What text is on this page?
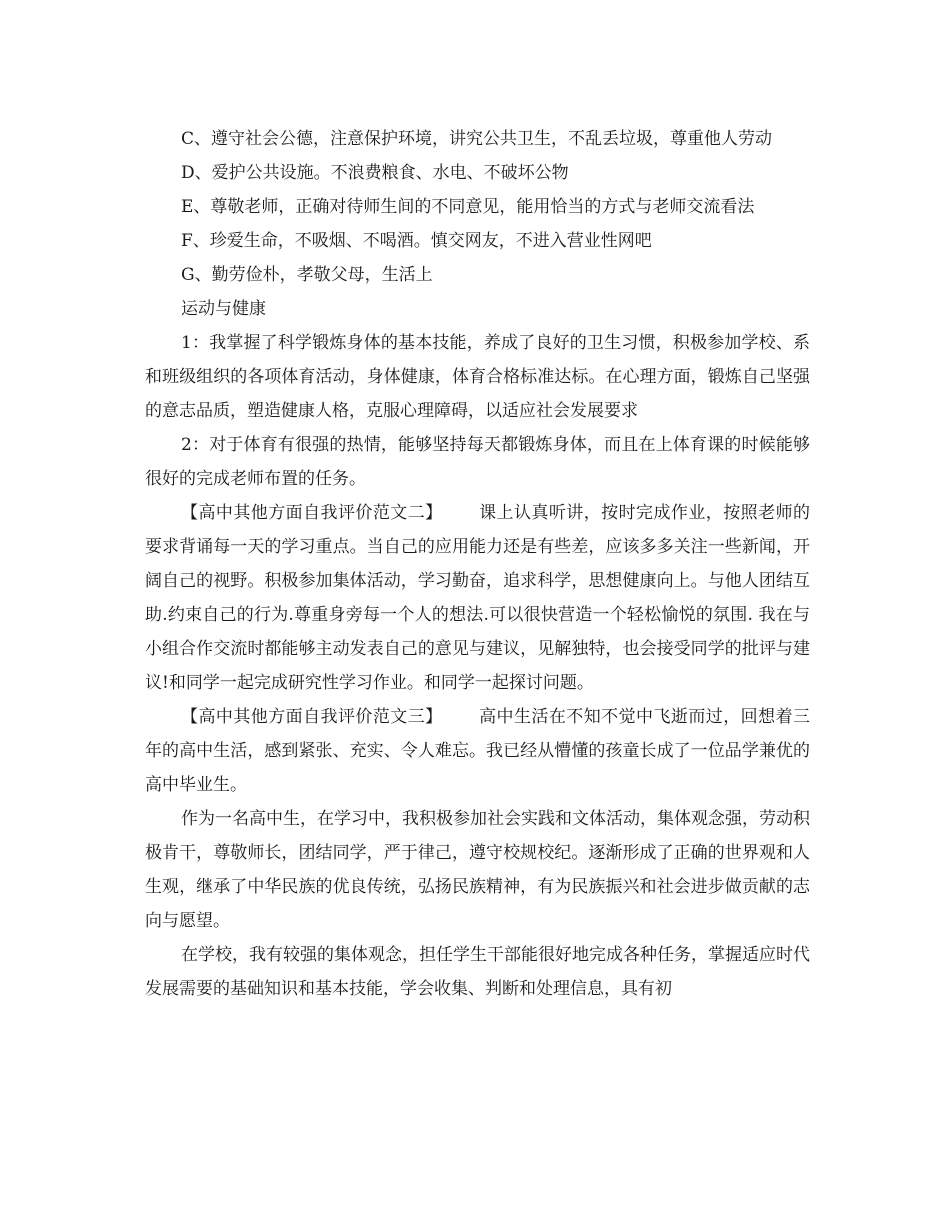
C、遵守社会公德，注意保护环境，讲究公共卫生，不乱丢垃圾，尊重他人劳动

D、爱护公共设施。不浪费粮食、水电、不破坏公物

E、尊敬老师，正确对待师生间的不同意见，能用恰当的方式与老师交流看法

F、珍爱生命，不吸烟、不喝酒。慎交网友，不进入营业性网吧

G、勤劳俭朴，孝敬父母，生活上

运动与健康

1：我掌握了科学锻炼身体的基本技能，养成了良好的卫生习惯，积极参加学校、系和班级组织的各项体育活动，身体健康，体育合格标准达标。在心理方面，锻炼自己坚强的意志品质，塑造健康人格，克服心理障碍，以适应社会发展要求

2：对于体育有很强的热情，能够坚持每天都锻炼身体，而且在上体育课的时候能够很好的完成老师布置的任务。

【高中其他方面自我评价范文二】 课上认真听讲，按时完成作业，按照老师的要求背诵每一天的学习重点。当自己的应用能力还是有些差，应该多多关注一些新闻，开阔自己的视野。积极参加集体活动，学习勤奋，追求科学，思想健康向上。与他人团结互助.约束自己的行为.尊重身旁每一个人的想法.可以很快营造一个轻松愉悦的氛围. 我在与小组合作交流时都能够主动发表自己的意见与建议，见解独特，也会接受同学的批评与建议!和同学一起完成研究性学习作业。和同学一起探讨问题。

【高中其他方面自我评价范文三】 高中生活在不知不觉中飞逝而过，回想着三年的高中生活，感到紧张、充实、令人难忘。我已经从懵懂的孩童长成了一位品学兼优的高中毕业生。

作为一名高中生，在学习中，我积极参加社会实践和文体活动，集体观念强，劳动积极肯干，尊敬师长，团结同学，严于律己，遵守校规校纪。逐渐形成了正确的世界观和人生观，继承了中华民族的优良传统，弘扬民族精神，有为民族振兴和社会进步做贡献的志向与愿望。

在学校，我有较强的集体观念，担任学生干部能很好地完成各种任务，掌握适应时代发展需要的基础知识和基本技能，学会收集、判断和处理信息，具有初
